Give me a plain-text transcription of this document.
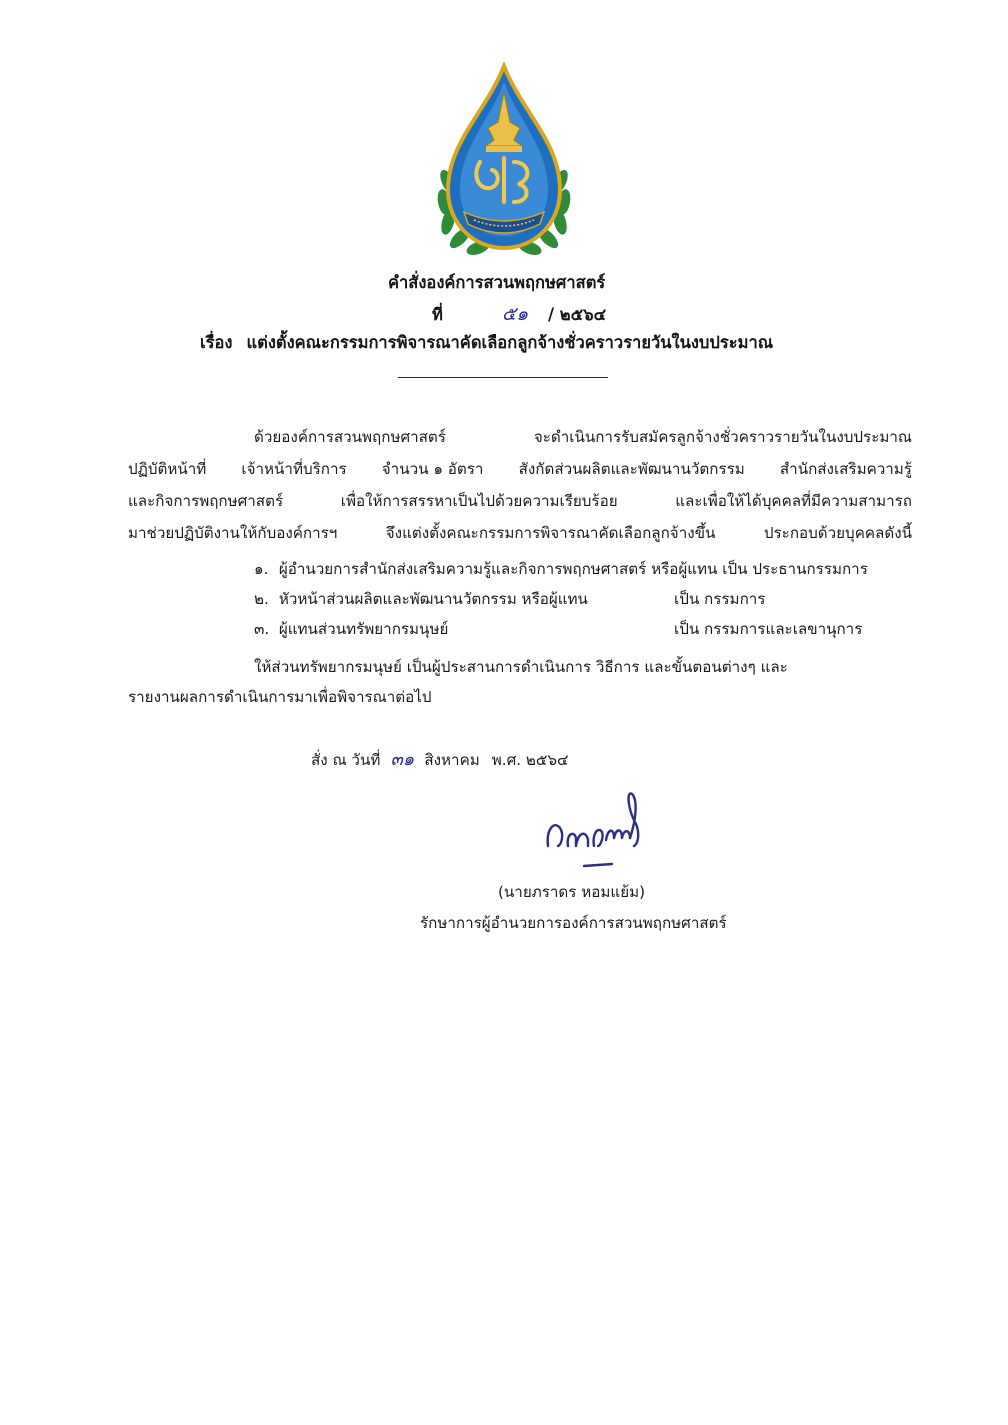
คำสั่งองค์การสวนพฤกษศาสตร์
ที่	๕๑ / ๒๕๖๔
เรื่อง แต่งตั้งคณะกรรมการพิจารณาคัดเลือกลูกจ้างชั่วคราวรายวันในงบประมาณ
ด้วยองค์การสวนพฤกษศาสตร์	จะดำเนินการรับสมัครลูกจ้างชั่วคราวรายวันในงบประมาณ
ปฏิบัติหน้าที่ เจ้าหน้าที่บริการ จำนวน ๑ อัตรา สังกัดส่วนผลิตและพัฒนานวัตกรรม สำนักส่งเสริมความรู้
และกิจการพฤกษศาสตร์	เพื่อให้การสรรหาเป็นไปด้วยความเรียบร้อย	และเพื่อให้ได้บุคคลที่มีความสามารถ
มาช่วยปฏิบัติงานให้กับองค์การฯ	จึงแต่งตั้งคณะกรรมการพิจารณาคัดเลือกลูกจ้างขึ้น	ประกอบด้วยบุคคลดังนี้
๑. ผู้อำนวยการสำนักส่งเสริมความรู้และกิจการพฤกษศาสตร์ หรือผู้แทน เป็น ประธานกรรมการ
๒. หัวหน้าส่วนผลิตและพัฒนานวัตกรรม หรือผู้แทน	เป็น กรรมการ
๓. ผู้แทนส่วนทรัพยากรมนุษย์	เป็น กรรมการและเลขานุการ
ให้ส่วนทรัพยากรมนุษย์ เป็นผู้ประสานการดำเนินการ วิธีการ และขั้นตอนต่างๆ และ
รายงานผลการดำเนินการมาเพื่อพิจารณาต่อไป
สั่ง ณ วันที่ ๓๑ สิงหาคม พ.ศ. ๒๕๖๔
(นายภราดร หอมแย้ม)
รักษาการผู้อำนวยการองค์การสวนพฤกษศาสตร์
